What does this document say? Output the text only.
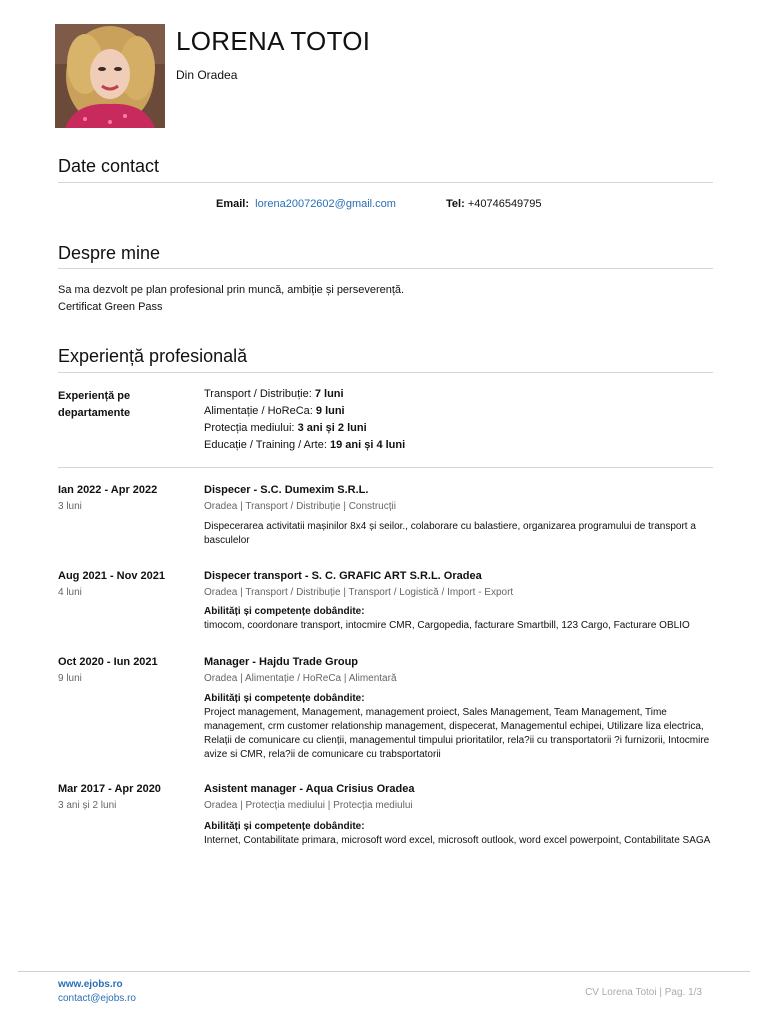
LORENA TOTOI
Din Oradea
Date contact
Email: lorena20072602@gmail.com	Tel: +40746549795
Despre mine
Sa ma dezvolt pe plan profesional prin muncă, ambiție și perseverență.
Certificat Green Pass
Experiență profesională
Experiență pe departamente
Transport / Distribuție: 7 luni
Alimentație / HoReCa: 9 luni
Protecția mediului: 3 ani și 2 luni
Educație / Training / Arte: 19 ani și 4 luni
Ian 2022 - Apr 2022
3 luni
Dispecer - S.C. Dumexim S.R.L.
Oradea | Transport / Distribuție | Construcții
Dispecerarea activitatii mașinilor 8x4 și seilor., colaborare cu balastiere, organizarea programului de transport a basculelor
Aug 2021 - Nov 2021
4 luni
Dispecer transport - S. C. GRAFIC ART S.R.L. Oradea
Oradea | Transport / Distribuție | Transport / Logistică / Import - Export
Abilități și competențe dobândite:
timocom, coordonare transport, intocmire CMR, Cargopedia, facturare Smartbill, 123 Cargo, Facturare OBLIO
Oct 2020 - Iun 2021
9 luni
Manager - Hajdu Trade Group
Oradea | Alimentație / HoReCa | Alimentară
Abilități și competențe dobândite:
Project management, Management, management proiect, Sales Management, Team Management, Time management, crm customer relationship management, dispecerat, Managementul echipei, Utilizare liza electrica, Relații de comunicare cu clienții, managementul timpului prioritatilor, rela?ii cu transportatorii ?i furnizorii, Intocmire avize si CMR, rela?ii de comunicare cu trabsportatorii
Mar 2017 - Apr 2020
3 ani și 2 luni
Asistent manager - Aqua Crisius Oradea
Oradea | Protecția mediului | Protecția mediului
Abilități și competențe dobândite:
Internet, Contabilitate primara, microsoft word excel, microsoft outlook, word excel powerpoint, Contabilitate SAGA
www.ejobs.ro
contact@ejobs.ro
CV Lorena Totoi | Pag. 1/3
